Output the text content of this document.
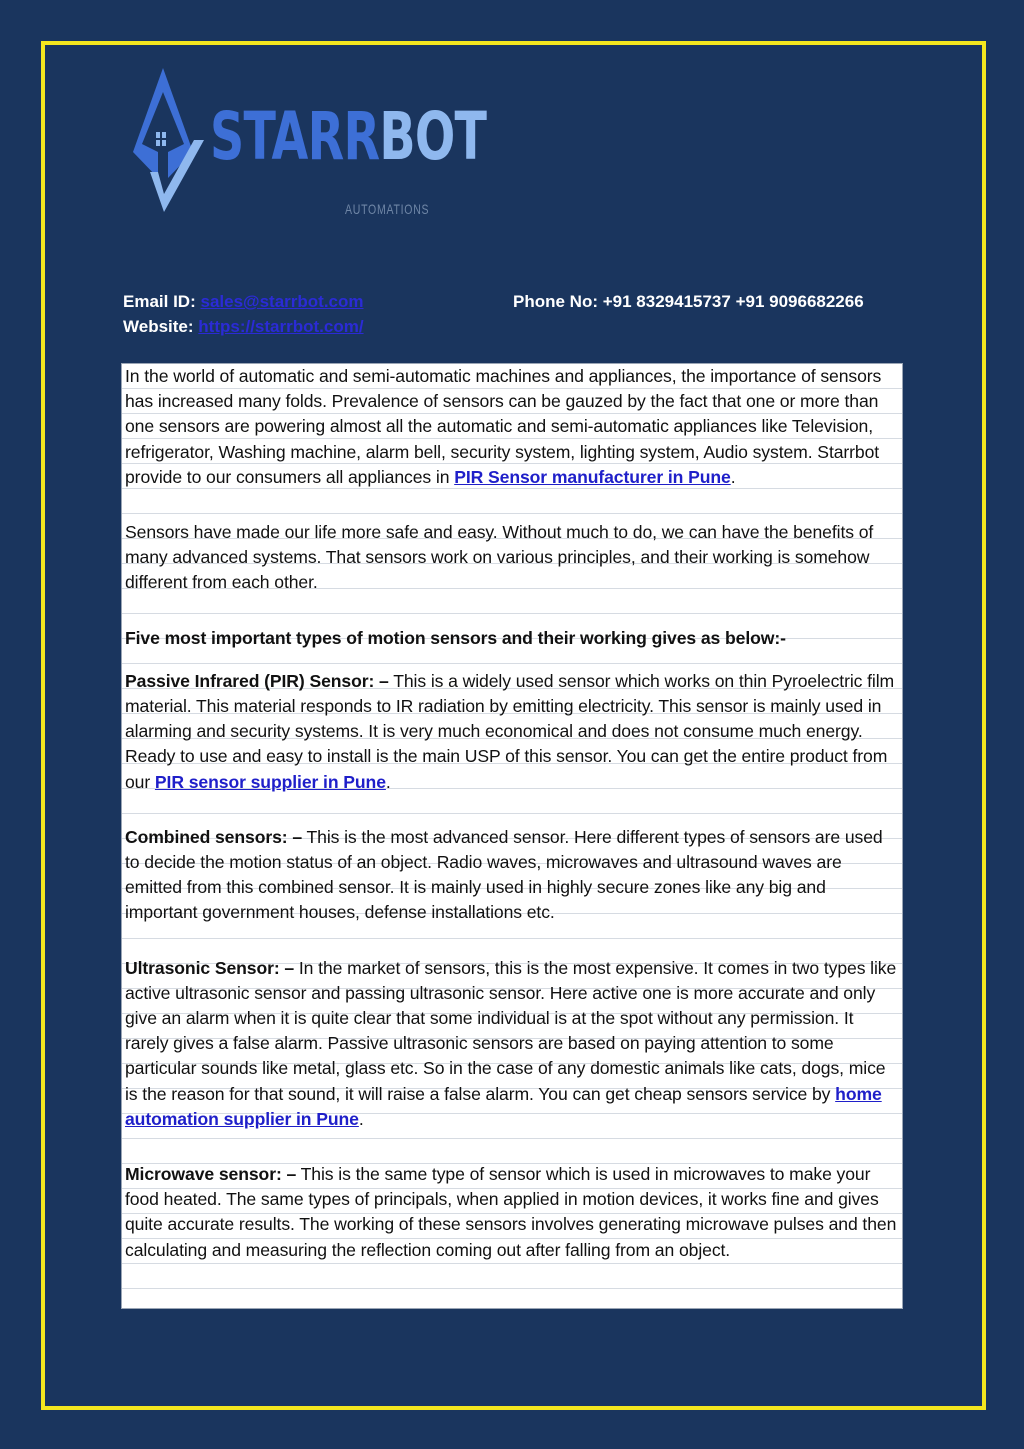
STARRBOT
AUTOMATIONS
Email ID: sales@starrbot.com
Website: https://starrbot.com/
Phone No: +91 8329415737 +91 9096682266

In the world of automatic and semi-automatic machines and appliances, the importance of sensors has increased many folds. Prevalence of sensors can be gauzed by the fact that one or more than one sensors are powering almost all the automatic and semi-automatic appliances like Television, refrigerator, Washing machine, alarm bell, security system, lighting system, Audio system. Starrbot provide to our consumers all appliances in PIR Sensor manufacturer in Pune.

Sensors have made our life more safe and easy. Without much to do, we can have the benefits of many advanced systems. That sensors work on various principles, and their working is somehow different from each other.

Five most important types of motion sensors and their working gives as below:-

Passive Infrared (PIR) Sensor: – This is a widely used sensor which works on thin Pyroelectric film material. This material responds to IR radiation by emitting electricity. This sensor is mainly used in alarming and security systems. It is very much economical and does not consume much energy. Ready to use and easy to install is the main USP of this sensor. You can get the entire product from our PIR sensor supplier in Pune.

Combined sensors: – This is the most advanced sensor. Here different types of sensors are used to decide the motion status of an object. Radio waves, microwaves and ultrasound waves are emitted from this combined sensor. It is mainly used in highly secure zones like any big and important government houses, defense installations etc.

Ultrasonic Sensor: – In the market of sensors, this is the most expensive. It comes in two types like active ultrasonic sensor and passing ultrasonic sensor. Here active one is more accurate and only give an alarm when it is quite clear that some individual is at the spot without any permission. It rarely gives a false alarm. Passive ultrasonic sensors are based on paying attention to some particular sounds like metal, glass etc. So in the case of any domestic animals like cats, dogs, mice is the reason for that sound, it will raise a false alarm. You can get cheap sensors service by home automation supplier in Pune.

Microwave sensor: – This is the same type of sensor which is used in microwaves to make your food heated. The same types of principals, when applied in motion devices, it works fine and gives quite accurate results. The working of these sensors involves generating microwave pulses and then calculating and measuring the reflection coming out after falling from an object.
